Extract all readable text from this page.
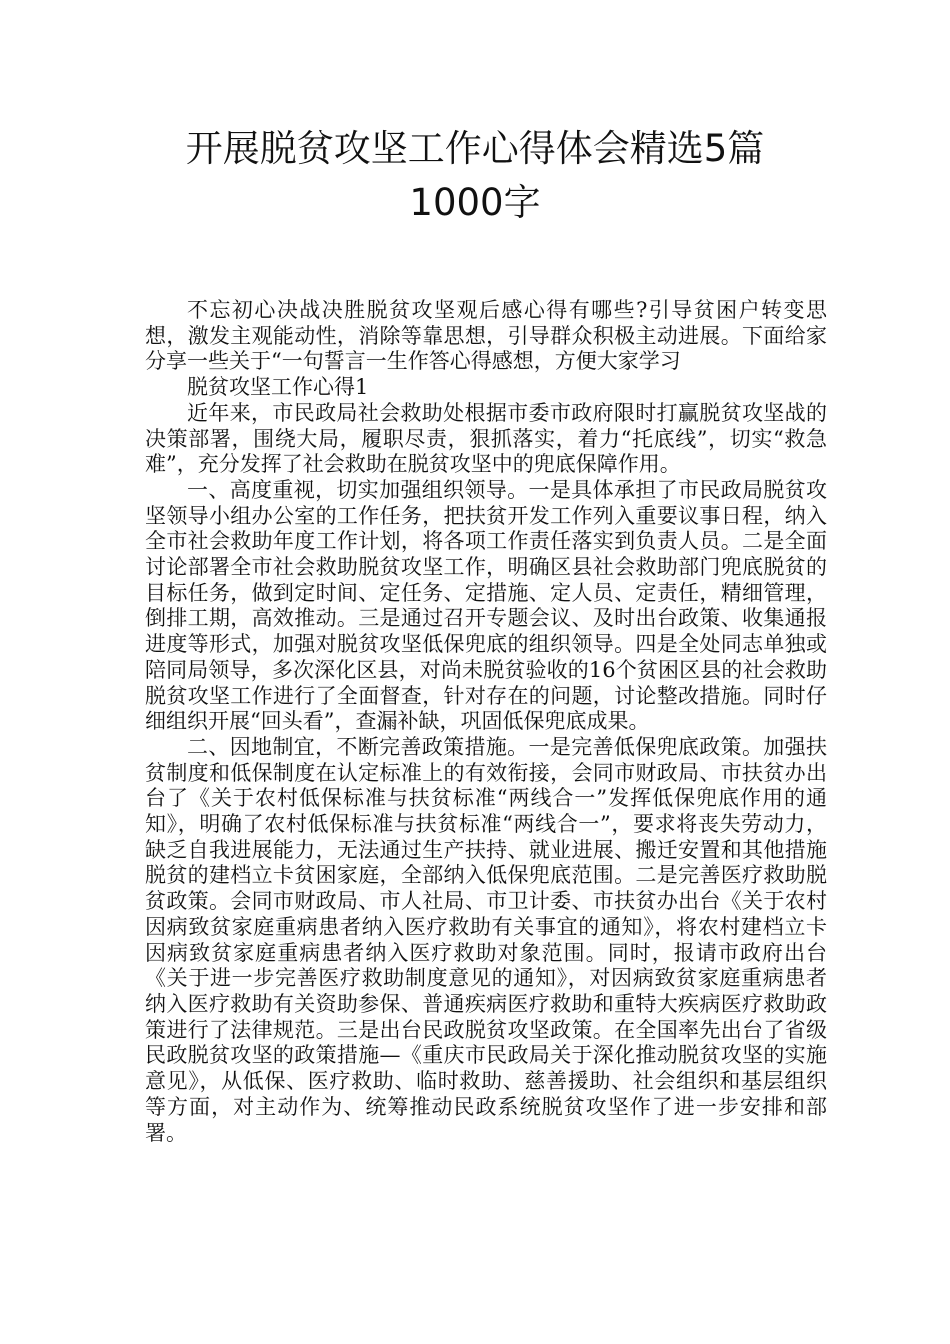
开展脱贫攻坚工作心得体会精选5篇
1000字

不忘初心决战决胜脱贫攻坚观后感心得有哪些?引导贫困户转变思想，激发主观能动性，消除等靠思想，引导群众积极主动进展。下面给家分享一些关于“一句誓言一生作答心得感想，方便大家学习

脱贫攻坚工作心得1

近年来，市民政局社会救助处根据市委市政府限时打赢脱贫攻坚战的决策部署，围绕大局，履职尽责，狠抓落实，着力“托底线”，切实“救急难”，充分发挥了社会救助在脱贫攻坚中的兜底保障作用。

一、高度重视，切实加强组织领导。一是具体承担了市民政局脱贫攻坚领导小组办公室的工作任务，把扶贫开发工作列入重要议事日程，纳入全市社会救助年度工作计划，将各项工作责任落实到负责人员。二是全面讨论部署全市社会救助脱贫攻坚工作，明确区县社会救助部门兜底脱贫的目标任务，做到定时间、定任务、定措施、定人员、定责任，精细管理，倒排工期，高效推动。三是通过召开专题会议、及时出台政策、收集通报进度等形式，加强对脱贫攻坚低保兜底的组织领导。四是全处同志单独或陪同局领导，多次深化区县，对尚未脱贫验收的16个贫困区县的社会救助脱贫攻坚工作进行了全面督查，针对存在的问题，讨论整改措施。同时仔细组织开展“回头看”，查漏补缺，巩固低保兜底成果。

二、因地制宜，不断完善政策措施。一是完善低保兜底政策。加强扶贫制度和低保制度在认定标准上的有效衔接，会同市财政局、市扶贫办出台了《关于农村低保标准与扶贫标准“两线合一”发挥低保兜底作用的通知》，明确了农村低保标准与扶贫标准“两线合一”，要求将丧失劳动力，缺乏自我进展能力，无法通过生产扶持、就业进展、搬迁安置和其他措施脱贫的建档立卡贫困家庭，全部纳入低保兜底范围。二是完善医疗救助脱贫政策。会同市财政局、市人社局、市卫计委、市扶贫办出台《关于农村因病致贫家庭重病患者纳入医疗救助有关事宜的通知》，将农村建档立卡因病致贫家庭重病患者纳入医疗救助对象范围。同时，报请市政府出台《关于进一步完善医疗救助制度意见的通知》，对因病致贫家庭重病患者纳入医疗救助有关资助参保、普通疾病医疗救助和重特大疾病医疗救助政策进行了法律规范。三是出台民政脱贫攻坚政策。在全国率先出台了省级民政脱贫攻坚的政策措施—《重庆市民政局关于深化推动脱贫攻坚的实施意见》，从低保、医疗救助、临时救助、慈善援助、社会组织和基层组织等方面，对主动作为、统筹推动民政系统脱贫攻坚作了进一步安排和部署。
